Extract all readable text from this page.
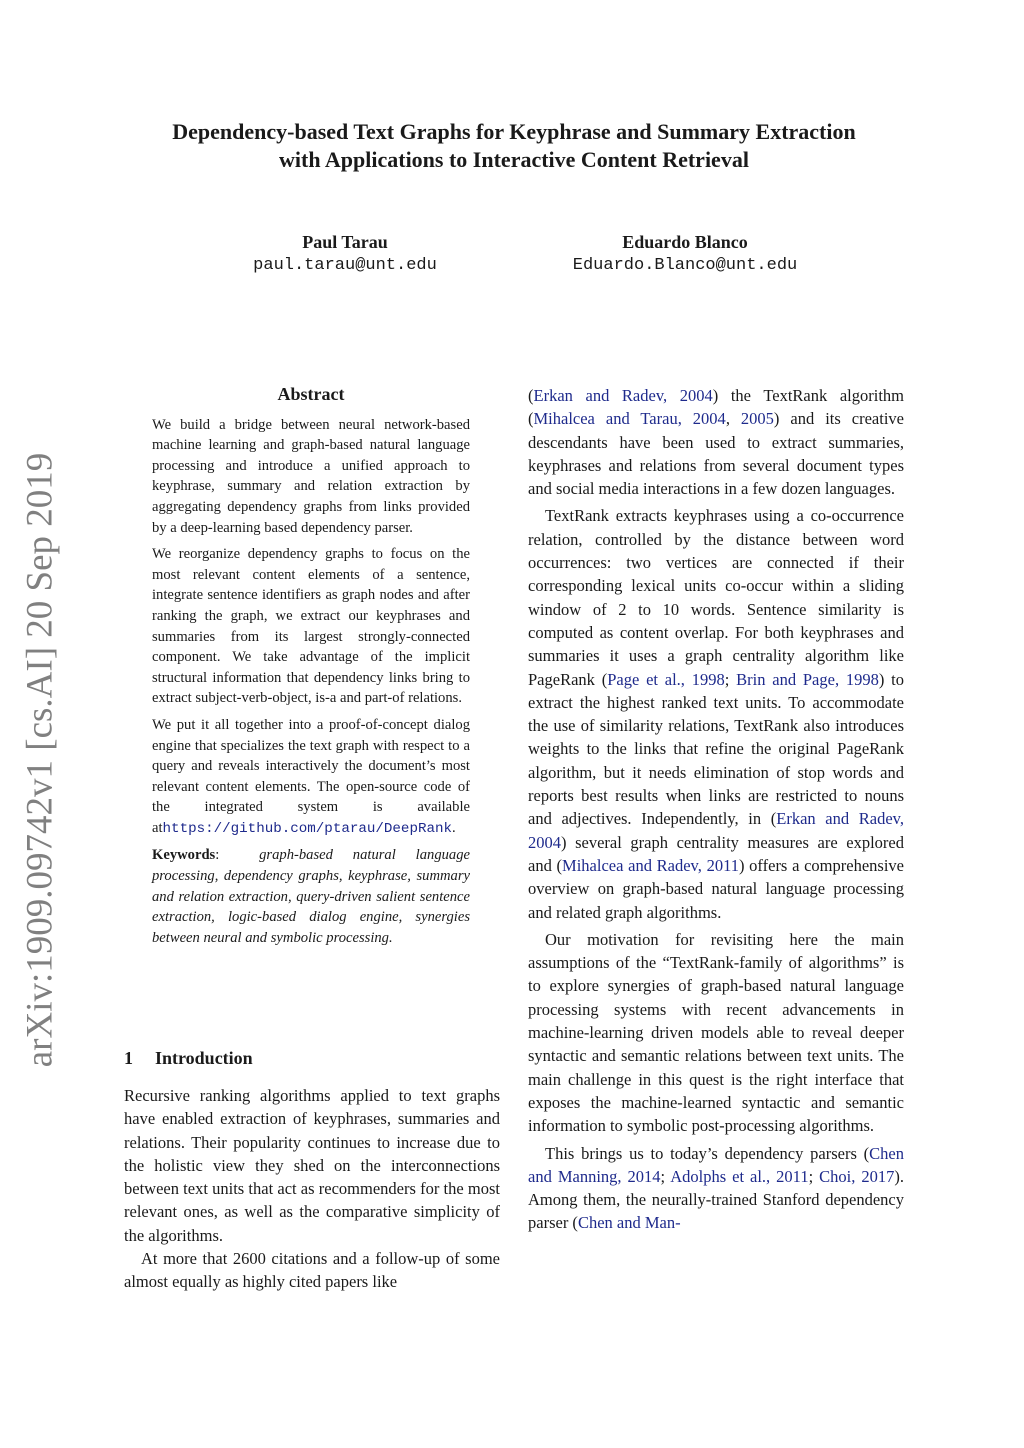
arXiv:1909.09742v1 [cs.AI] 20 Sep 2019
Dependency-based Text Graphs for Keyphrase and Summary Extraction
with Applications to Interactive Content Retrieval
Paul Tarau
paul.tarau@unt.edu
Eduardo Blanco
Eduardo.Blanco@unt.edu
Abstract

We build a bridge between neural network-based machine learning and graph-based natural language processing and introduce a unified approach to keyphrase, summary and relation extraction by aggregating dependency graphs from links provided by a deep-learning based dependency parser.

We reorganize dependency graphs to focus on the most relevant content elements of a sentence, integrate sentence identifiers as graph nodes and after ranking the graph, we extract our keyphrases and summaries from its largest strongly-connected component. We take advantage of the implicit structural information that dependency links bring to extract subject-verb-object, is-a and part-of relations.

We put it all together into a proof-of-concept dialog engine that specializes the text graph with respect to a query and reveals interactively the document’s most relevant content elements. The open-source code of the integrated system is available athttps://github.com/ptarau/DeepRank.

Keywords:	graph-based natural language processing, dependency graphs, keyphrase, summary and relation extraction, query-driven salient sentence extraction, logic-based dialog engine, synergies between neural and symbolic processing.

1 Introduction

Recursive ranking algorithms applied to text graphs have enabled extraction of keyphrases, summaries and relations. Their popularity continues to increase due to the holistic view they shed on the interconnections between text units that act as recommenders for the most relevant ones, as well as the comparative simplicity of the algorithms.

At more that 2600 citations and a follow-up of some almost equally as highly cited papers like

(Erkan and Radev, 2004) the TextRank algorithm (Mihalcea and Tarau, 2004, 2005) and its creative descendants have been used to extract summaries, keyphrases and relations from several document types and social media interactions in a few dozen languages.

TextRank extracts keyphrases using a co-occurrence relation, controlled by the distance between word occurrences: two vertices are connected if their corresponding lexical units co-occur within a sliding window of 2 to 10 words. Sentence similarity is computed as content overlap. For both keyphrases and summaries it uses a graph centrality algorithm like PageRank (Page et al., 1998; Brin and Page, 1998) to extract the highest ranked text units. To accommodate the use of similarity relations, TextRank also introduces weights to the links that refine the original PageRank algorithm, but it needs elimination of stop words and reports best results when links are restricted to nouns and adjectives. Independently, in (Erkan and Radev, 2004) several graph centrality measures are explored and (Mihalcea and Radev, 2011) offers a comprehensive overview on graph-based natural language processing and related graph algorithms.

Our motivation for revisiting here the main assumptions of the “TextRank-family of algorithms” is to explore synergies of graph-based natural language processing systems with recent advancements in machine-learning driven models able to reveal deeper syntactic and semantic relations between text units. The main challenge in this quest is the right interface that exposes the machine-learned syntactic and semantic information to symbolic post-processing algorithms.

This brings us to today’s dependency parsers (Chen and Manning, 2014; Adolphs et al., 2011; Choi, 2017). Among them, the neurally-trained Stanford dependency parser (Chen and Man-
